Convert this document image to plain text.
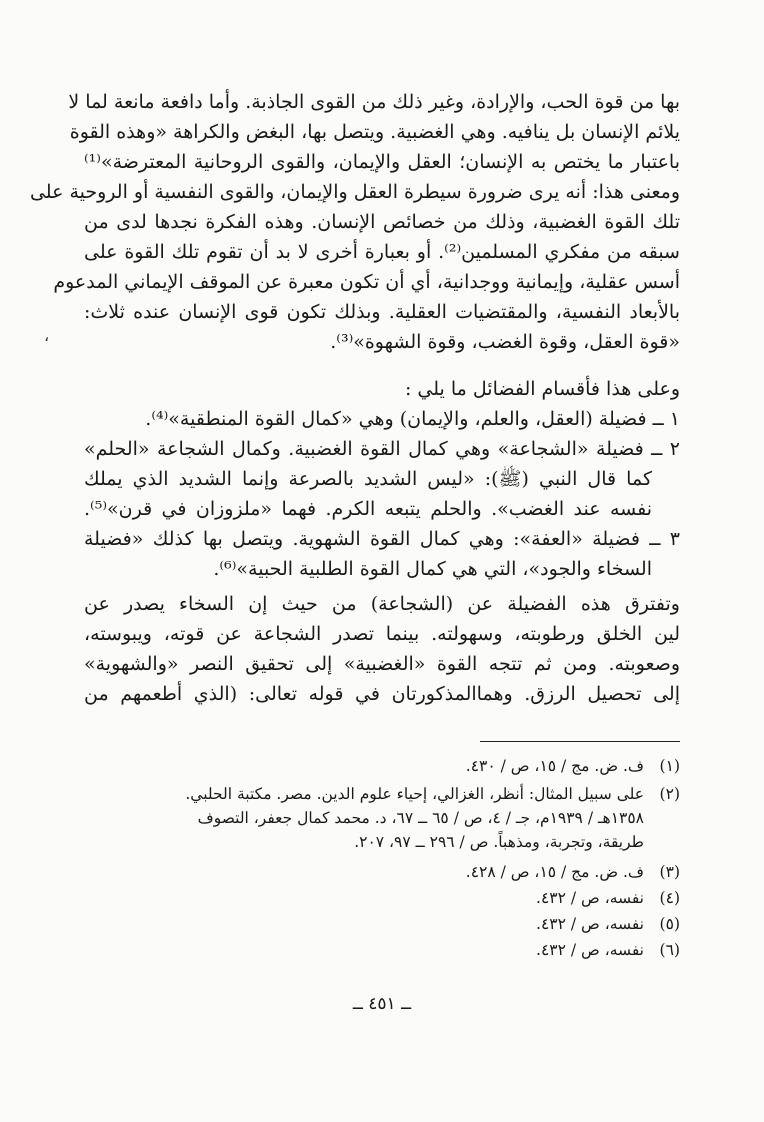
بها من قوة الحب، والإرادة، وغير ذلك من القوى الجاذبة. وأما دافعة مانعة لما لا
يلائم الإنسان بل ينافيه. وهي الغضبية. ويتصل بها، البغض والكراهة «وهذه القوة
باعتبار ما يختص به الإنسان؛ العقل والإيمان، والقوى الروحانية المعترضة»⁽¹⁾
ومعنى هذا: أنه يرى ضرورة سيطرة العقل والإيمان، والقوى النفسية أو الروحية على
تلك القوة الغضبية، وذلك من خصائص الإنسان. وهذه الفكرة نجدها لدى من
سبقه من مفكري المسلمين⁽²⁾. أو بعبارة أخرى لا بد أن تقوم تلك القوة على
أسس عقلية، وإيمانية ووجدانية، أي أن تكون معبرة عن الموقف الإيماني المدعوم
بالأبعاد النفسية، والمقتضيات العقلية. وبذلك تكون قوى الإنسان عنده ثلاث:
«قوة العقل، وقوة الغضب، وقوة الشهوة»⁽³⁾.
،
وعلى هذا فأقسام الفضائل ما يلي :
١ ــ فضيلة (العقل، والعلم، والإيمان) وهي «كمال القوة المنطقية»⁽⁴⁾.
٢ ــ فضيلة «الشجاعة» وهي كمال القوة الغضبية. وكمال الشجاعة «الحلم»
كما قال النبي (ﷺ): «ليس الشديد بالصرعة وإنما الشديد الذي يملك
نفسه عند الغضب». والحلم يتبعه الكرم. فهما «ملزوزان في قرن»⁽⁵⁾.
٣ ــ فضيلة «العفة»: وهي كمال القوة الشهوية. ويتصل بها كذلك «فضيلة
السخاء والجود»، التي هي كمال القوة الطلبية الحبية»⁽⁶⁾.
وتفترق هذه الفضيلة عن (الشجاعة) من حيث إن السخاء يصدر عن
لين الخلق ورطوبته، وسهولته. بينما تصدر الشجاعة عن قوته، ويبوسته،
وصعوبته. ومن ثم تتجه القوة «الغضبية» إلى تحقيق النصر «والشهوية»
إلى تحصيل الرزق. وهماالمذكورتان في قوله تعالى: (الذي أطعمهم من
(١)ف. ض. مج / ١٥، ص / ٤٣٠.
(٢)على سبيل المثال: أنظر، الغزالي، إحياء علوم الدين. مصر. مكتبة الحلبي.
١٣٥٨هـ / ١٩٣٩م، جـ / ٤، ص / ٦٥ ــ ٦٧، د. محمد كمال جعفر، التصوف
طريقة، وتجربة، ومذهباً. ص / ٢٩٦ ــ ٩٧، ٢٠٧.
(٣)ف. ض. مج / ١٥، ص / ٤٢٨.
(٤)نفسه، ص / ٤٣٢.
(٥)نفسه، ص / ٤٣٢.
(٦)نفسه، ص / ٤٣٢.
ــ ٤٥١ ــ
